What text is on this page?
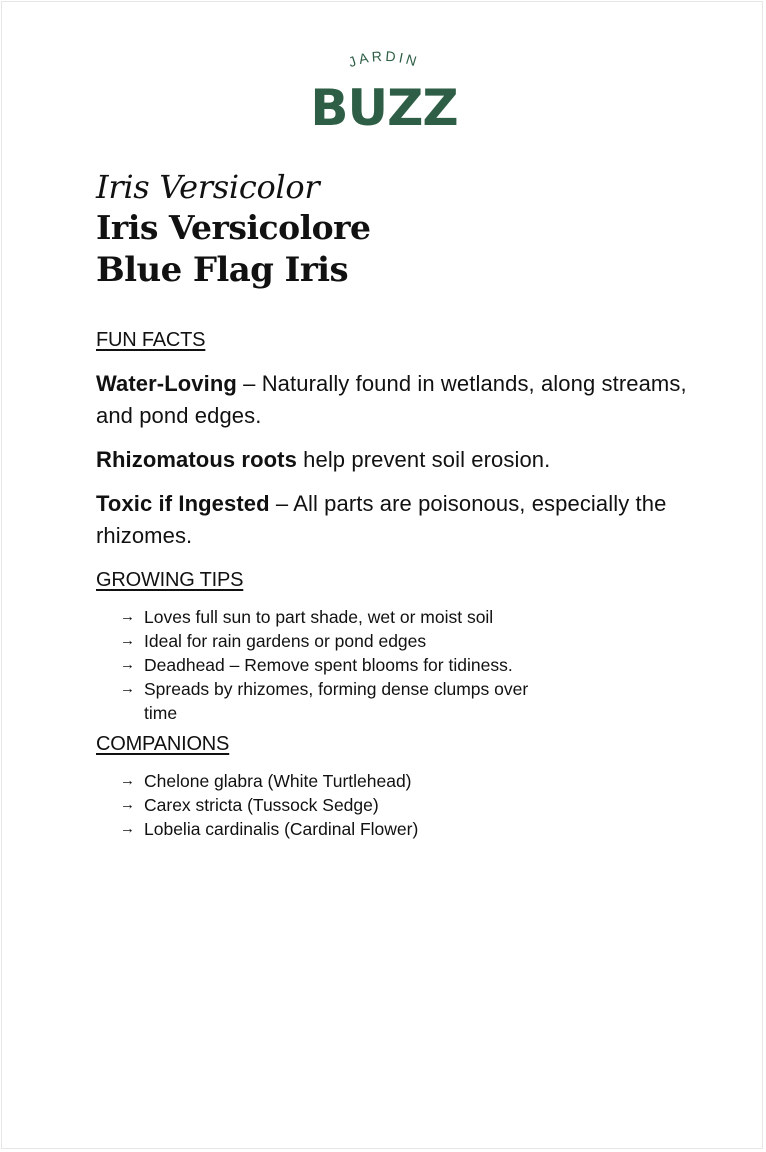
JARDIN
BUZZ
Iris Versicolor
Iris Versicolore
Blue Flag Iris
FUN FACTS

Water-Loving – Naturally found in wetlands, along streams, and pond edges.

Rhizomatous roots help prevent soil erosion.

Toxic if Ingested – All parts are poisonous, especially the rhizomes.

GROWING TIPS
→ Loves full sun to part shade, wet or moist soil
→ Ideal for rain gardens or pond edges
→ Deadhead – Remove spent blooms for tidiness.
→ Spreads by rhizomes, forming dense clumps over time
COMPANIONS
→ Chelone glabra (White Turtlehead)
→ Carex stricta (Tussock Sedge)
→ Lobelia cardinalis (Cardinal Flower)
